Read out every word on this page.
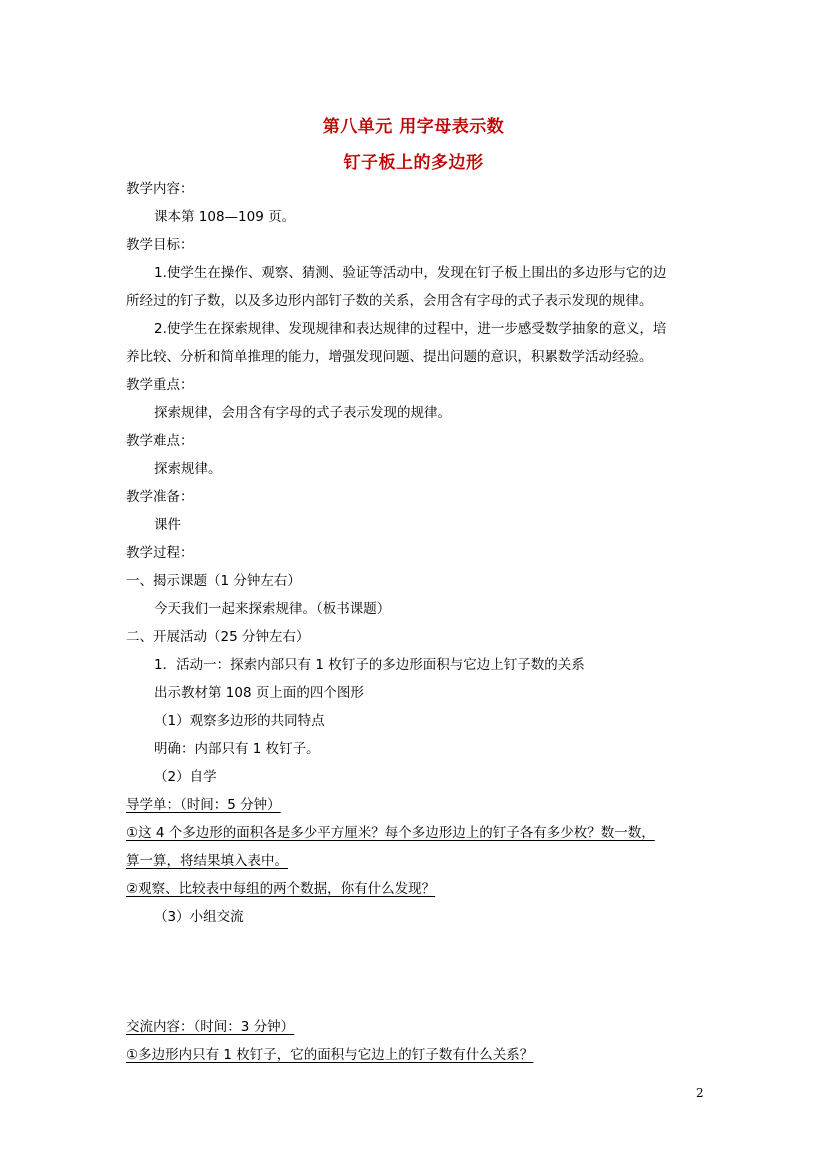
第八单元 用字母表示数
钉子板上的多边形
教学内容：
课本第 108—109 页。
教学目标：
1.使学生在操作、观察、猜测、验证等活动中，发现在钉子板上围出的多边形与它的边
所经过的钉子数，以及多边形内部钉子数的关系，会用含有字母的式子表示发现的规律。
2.使学生在探索规律、发现规律和表达规律的过程中，进一步感受数学抽象的意义，培
养比较、分析和简单推理的能力，增强发现问题、提出问题的意识，积累数学活动经验。
教学重点：
探索规律，会用含有字母的式子表示发现的规律。
教学难点：
探索规律。
教学准备：
课件
教学过程：
一、揭示课题（1 分钟左右）
今天我们一起来探索规律。（板书课题）
二、开展活动（25 分钟左右）
1．活动一：探索内部只有 1 枚钉子的多边形面积与它边上钉子数的关系
出示教材第 108 页上面的四个图形
（1）观察多边形的共同特点
明确：内部只有 1 枚钉子。
（2）自学
导学单：（时间：5 分钟）
①这 4 个多边形的面积各是多少平方厘米？每个多边形边上的钉子各有多少枚？数一数，
算一算，将结果填入表中。
②观察、比较表中每组的两个数据，你有什么发现？
（3）小组交流
交流内容：（时间：3 分钟）
①多边形内只有 1 枚钉子，它的面积与它边上的钉子数有什么关系？
2
